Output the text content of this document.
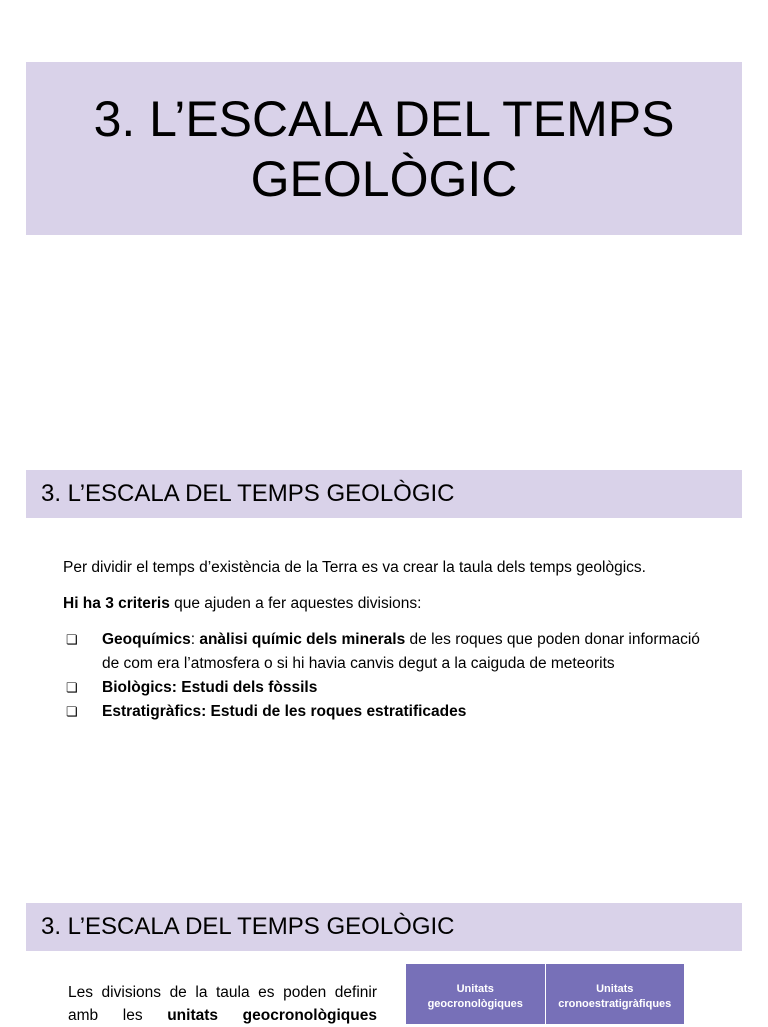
3. L’ESCALA DEL TEMPS
GEOLÒGIC
3. L’ESCALA DEL TEMPS GEOLÒGIC
Per dividir el temps d’existència de la Terra es va crear la taula dels temps geològics.
Hi ha 3 criteris que ajuden a fer aquestes divisions:
❏ Geoquímics: anàlisi químic dels minerals de les roques que poden donar informació de com era l’atmosfera o si hi havia canvis degut a la caiguda de meteorits
❏ Biològics: Estudi dels fòssils
❏ Estratigràfics: Estudi de les roques estratificades
3. L’ESCALA DEL TEMPS GEOLÒGIC
Les divisions de la taula es poden definir
amb les unitats geocronològiques
Unitats
geocronològiques
Unitats
cronoestratigràfiques
